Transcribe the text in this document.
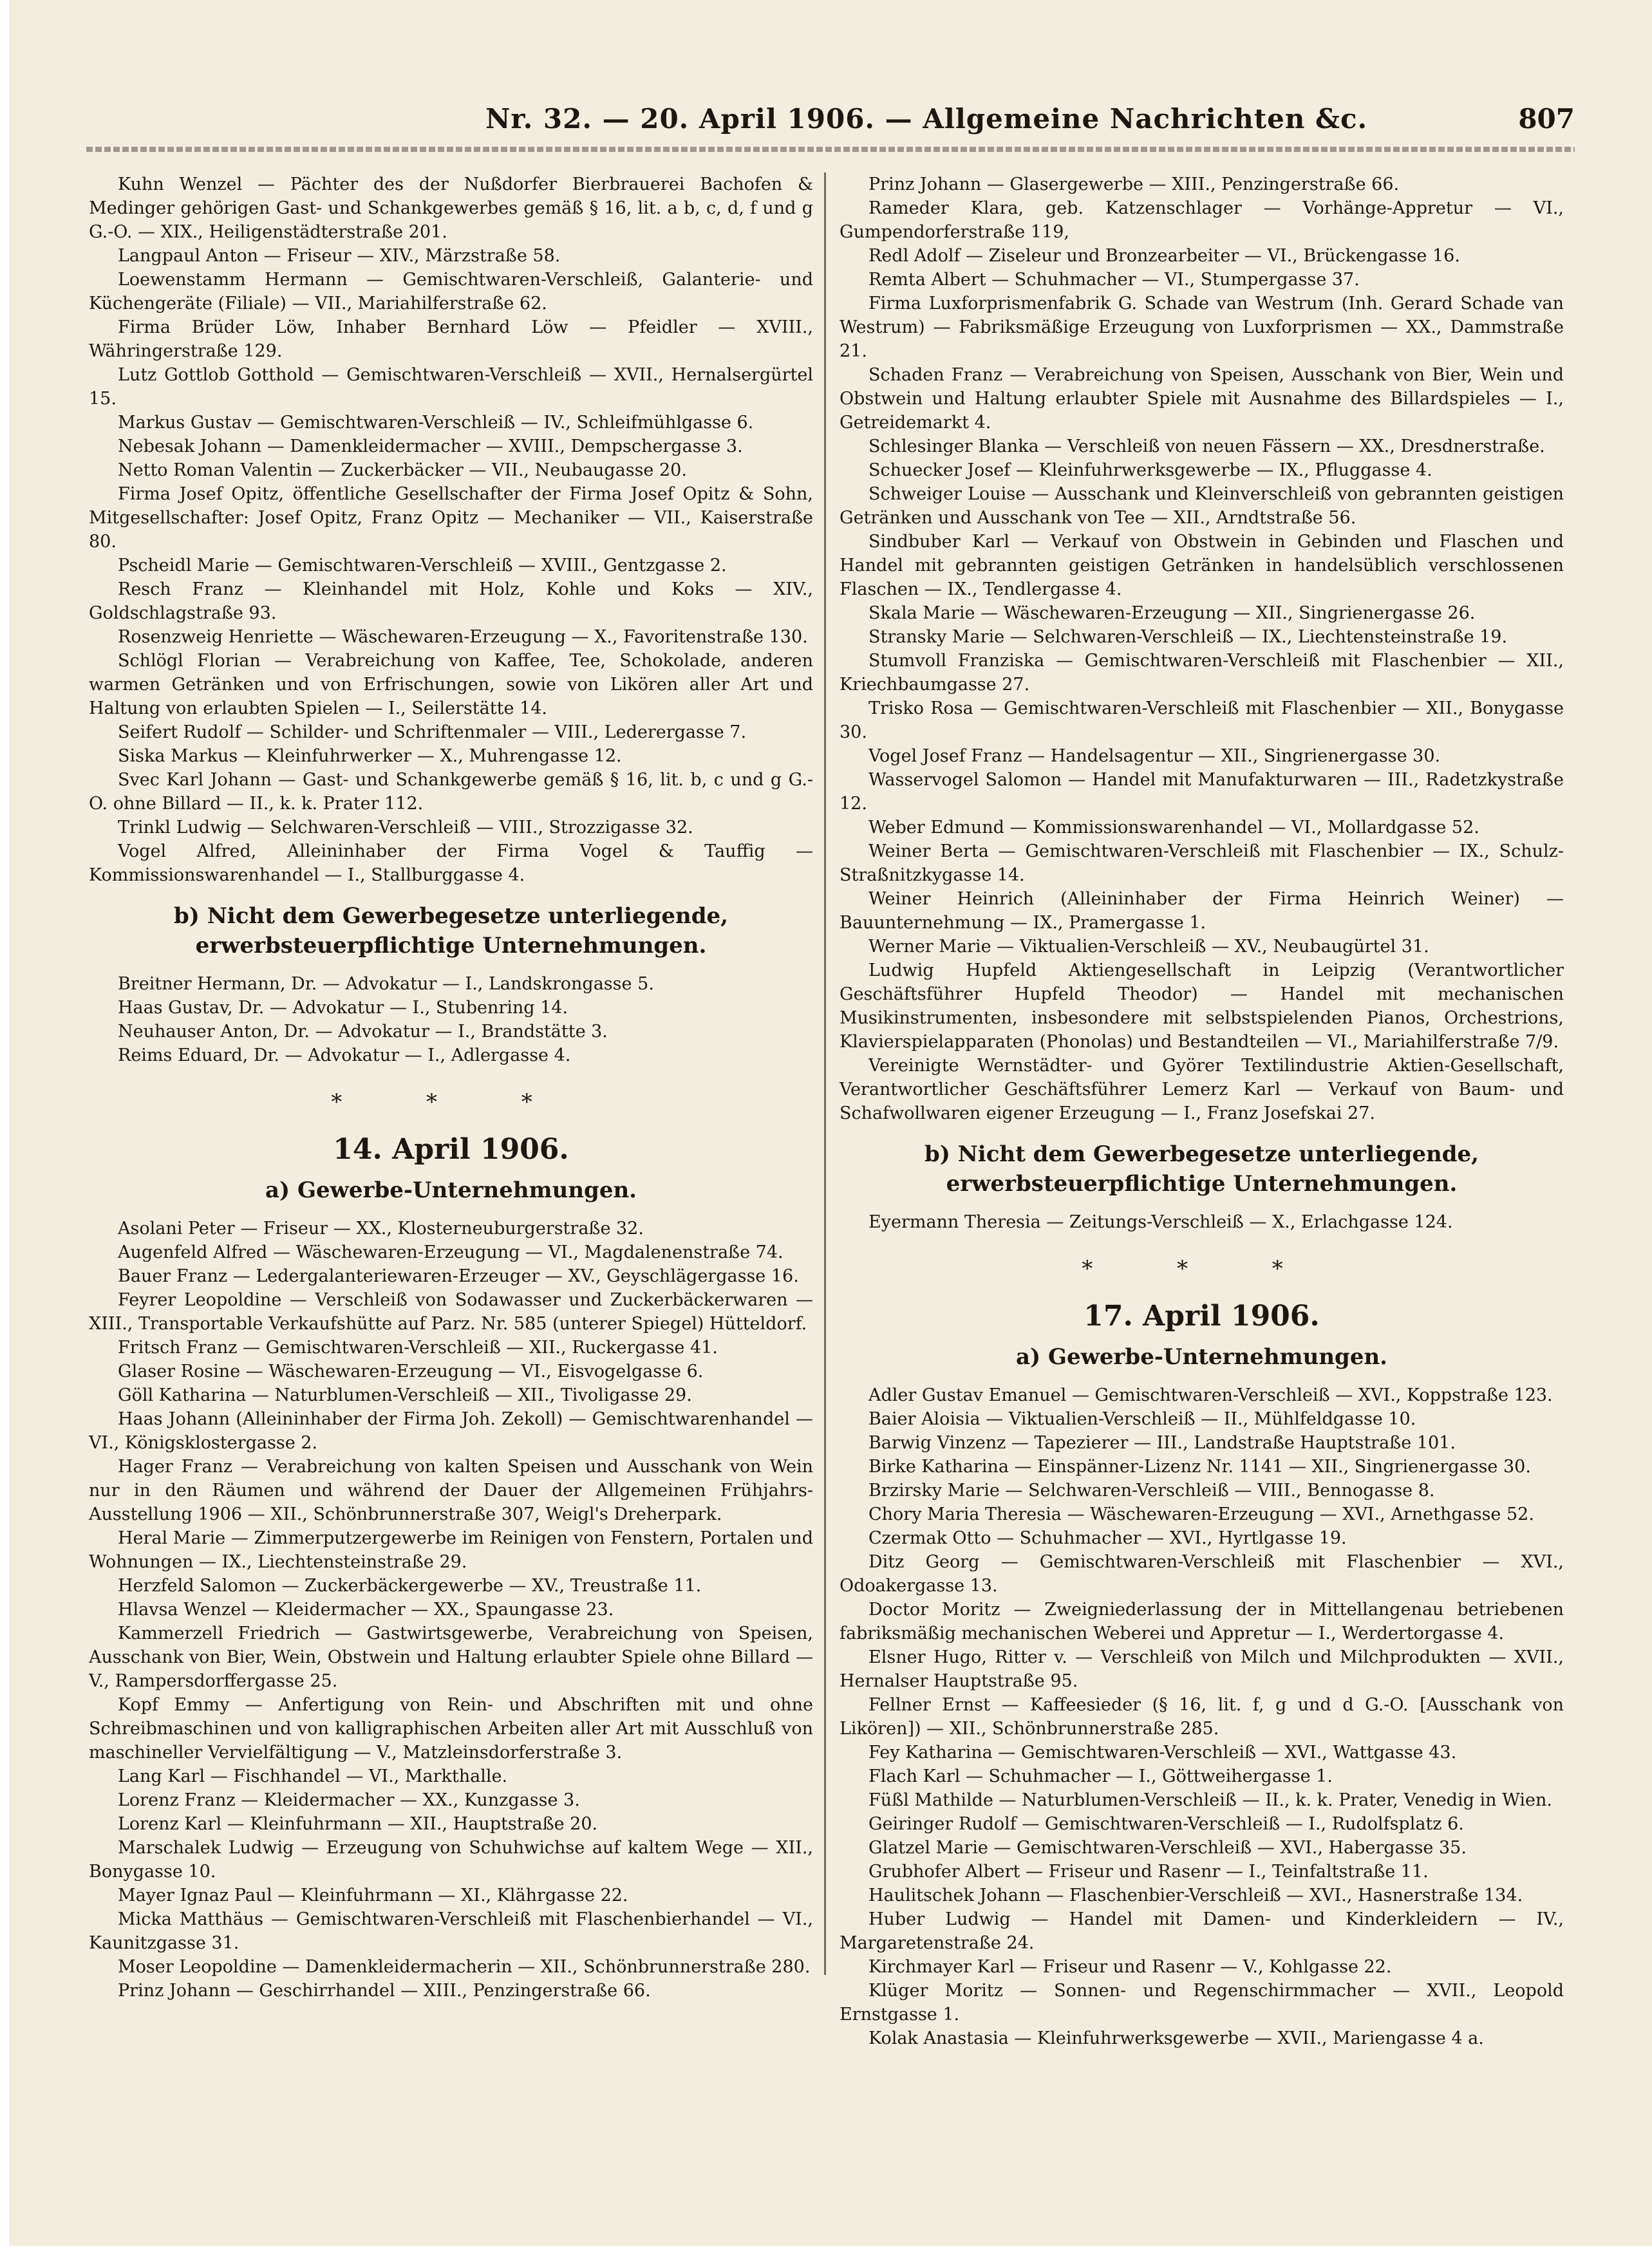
Nr. 32. — 20. April 1906. — Allgemeine Nachrichten &c.	807

Kuhn Wenzel — Pächter des der Nußdorfer Bierbrauerei Bachofen & Medinger gehörigen Gast- und Schankgewerbes gemäß § 16, lit. a b, c, d, f und g G.-O. — XIX., Heiligenstädterstraße 201.

Langpaul Anton — Friseur — XIV., Märzstraße 58.

Loewenstamm Hermann — Gemischtwaren-Verschleiß, Galanterie- und Küchengeräte (Filiale) — VII., Mariahilferstraße 62.

Firma Brüder Löw, Inhaber Bernhard Löw — Pfeidler — XVIII., Währingerstraße 129.

Lutz Gottlob Gotthold — Gemischtwaren-Verschleiß — XVII., Hernalsergürtel 15.

Markus Gustav — Gemischtwaren-Verschleiß — IV., Schleifmühlgasse 6.

Nebesak Johann — Damenkleidermacher — XVIII., Dempschergasse 3.

Netto Roman Valentin — Zuckerbäcker — VII., Neubaugasse 20.

Firma Josef Opitz, öffentliche Gesellschafter der Firma Josef Opitz & Sohn, Mitgesellschafter: Josef Opitz, Franz Opitz — Mechaniker — VII., Kaiserstraße 80.

Pscheidl Marie — Gemischtwaren-Verschleiß — XVIII., Gentzgasse 2.

Resch Franz — Kleinhandel mit Holz, Kohle und Koks — XIV., Goldschlagstraße 93.

Rosenzweig Henriette — Wäschewaren-Erzeugung — X., Favoritenstraße 130.

Schlögl Florian — Verabreichung von Kaffee, Tee, Schokolade, anderen warmen Getränken und von Erfrischungen, sowie von Likören aller Art und Haltung von erlaubten Spielen — I., Seilerstätte 14.

Seifert Rudolf — Schilder- und Schriftenmaler — VIII., Lederergasse 7.

Siska Markus — Kleinfuhrwerker — X., Muhrengasse 12.

Svec Karl Johann — Gast- und Schankgewerbe gemäß § 16, lit. b, c und g G.-O. ohne Billard — II., k. k. Prater 112.

Trinkl Ludwig — Selchwaren-Verschleiß — VIII., Strozzigasse 32.

Vogel Alfred, Alleininhaber der Firma Vogel & Tauffig — Kommissionswarenhandel — I., Stallburggasse 4.

b) Nicht dem Gewerbegesetze unterliegende, erwerbsteuerpflichtige Unternehmungen.

Breitner Hermann, Dr. — Advokatur — I., Landskrongasse 5.

Haas Gustav, Dr. — Advokatur — I., Stubenring 14.

Neuhauser Anton, Dr. — Advokatur — I., Brandstätte 3.

Reims Eduard, Dr. — Advokatur — I., Adlergasse 4.

* * *
14. April 1906.
a) Gewerbe-Unternehmungen.

Asolani Peter — Friseur — XX., Klosterneuburgerstraße 32.

Augenfeld Alfred — Wäschewaren-Erzeugung — VI., Magdalenenstraße 74.

Bauer Franz — Ledergalanteriewaren-Erzeuger — XV., Geyschlägergasse 16.

Feyrer Leopoldine — Verschleiß von Sodawasser und Zuckerbäckerwaren — XIII., Transportable Verkaufshütte auf Parz. Nr. 585 (unterer Spiegel) Hütteldorf.

Fritsch Franz — Gemischtwaren-Verschleiß — XII., Ruckergasse 41.

Glaser Rosine — Wäschewaren-Erzeugung — VI., Eisvogelgasse 6.

Göll Katharina — Naturblumen-Verschleiß — XII., Tivoligasse 29.

Haas Johann (Alleininhaber der Firma Joh. Zekoll) — Gemischtwarenhandel — VI., Königsklostergasse 2.

Hager Franz — Verabreichung von kalten Speisen und Ausschank von Wein nur in den Räumen und während der Dauer der Allgemeinen Frühjahrs-Ausstellung 1906 — XII., Schönbrunnerstraße 307, Weigl's Dreherpark.

Heral Marie — Zimmerputzergewerbe im Reinigen von Fenstern, Portalen und Wohnungen — IX., Liechtensteinstraße 29.

Herzfeld Salomon — Zuckerbäckergewerbe — XV., Treustraße 11.

Hlavsa Wenzel — Kleidermacher — XX., Spaungasse 23.

Kammerzell Friedrich — Gastwirtsgewerbe, Verabreichung von Speisen, Ausschank von Bier, Wein, Obstwein und Haltung erlaubter Spiele ohne Billard — V., Rampersdorffergasse 25.

Kopf Emmy — Anfertigung von Rein- und Abschriften mit und ohne Schreibmaschinen und von kalligraphischen Arbeiten aller Art mit Ausschluß von maschineller Vervielfältigung — V., Matzleinsdorferstraße 3.

Lang Karl — Fischhandel — VI., Markthalle.

Lorenz Franz — Kleidermacher — XX., Kunzgasse 3.

Lorenz Karl — Kleinfuhrmann — XII., Hauptstraße 20.

Marschalek Ludwig — Erzeugung von Schuhwichse auf kaltem Wege — XII., Bonygasse 10.

Mayer Ignaz Paul — Kleinfuhrmann — XI., Klährgasse 22.

Micka Matthäus — Gemischtwaren-Verschleiß mit Flaschenbierhandel — VI., Kaunitzgasse 31.

Moser Leopoldine — Damenkleidermacherin — XII., Schönbrunnerstraße 280.

Prinz Johann — Geschirrhandel — XIII., Penzingerstraße 66.

Prinz Johann — Glasergewerbe — XIII., Penzingerstraße 66.

Rameder Klara, geb. Katzenschlager — Vorhänge-Appretur — VI., Gumpendorferstraße 119,

Redl Adolf — Ziseleur und Bronzearbeiter — VI., Brückengasse 16.

Remta Albert — Schuhmacher — VI., Stumpergasse 37.

Firma Luxforprismenfabrik G. Schade van Westrum (Inh. Gerard Schade van Westrum) — Fabriksmäßige Erzeugung von Luxforprismen — XX., Dammstraße 21.

Schaden Franz — Verabreichung von Speisen, Ausschank von Bier, Wein und Obstwein und Haltung erlaubter Spiele mit Ausnahme des Billardspieles — I., Getreidemarkt 4.

Schlesinger Blanka — Verschleiß von neuen Fässern — XX., Dresdnerstraße.

Schuecker Josef — Kleinfuhrwerksgewerbe — IX., Pfluggasse 4.

Schweiger Louise — Ausschank und Kleinverschleiß von gebrannten geistigen Getränken und Ausschank von Tee — XII., Arndtstraße 56.

Sindbuber Karl — Verkauf von Obstwein in Gebinden und Flaschen und Handel mit gebrannten geistigen Getränken in handelsüblich verschlossenen Flaschen — IX., Tendlergasse 4.

Skala Marie — Wäschewaren-Erzeugung — XII., Singrienergasse 26.

Stransky Marie — Selchwaren-Verschleiß — IX., Liechtensteinstraße 19.

Stumvoll Franziska — Gemischtwaren-Verschleiß mit Flaschenbier — XII., Kriechbaumgasse 27.

Trisko Rosa — Gemischtwaren-Verschleiß mit Flaschenbier — XII., Bonygasse 30.

Vogel Josef Franz — Handelsagentur — XII., Singrienergasse 30.

Wasservogel Salomon — Handel mit Manufakturwaren — III., Radetzkystraße 12.

Weber Edmund — Kommissionswarenhandel — VI., Mollardgasse 52.

Weiner Berta — Gemischtwaren-Verschleiß mit Flaschenbier — IX., Schulz-Straßnitzkygasse 14.

Weiner Heinrich (Alleininhaber der Firma Heinrich Weiner) — Bauunternehmung — IX., Pramergasse 1.

Werner Marie — Viktualien-Verschleiß — XV., Neubaugürtel 31.

Ludwig Hupfeld Aktiengesellschaft in Leipzig (Verantwortlicher Geschäftsführer Hupfeld Theodor) — Handel mit mechanischen Musikinstrumenten, insbesondere mit selbstspielenden Pianos, Orchestrions, Klavierspielapparaten (Phonolas) und Bestandteilen — VI., Mariahilferstraße 7/9.

Vereinigte Wernstädter- und Györer Textilindustrie Aktien-Gesellschaft, Verantwortlicher Geschäftsführer Lemerz Karl — Verkauf von Baum- und Schafwollwaren eigener Erzeugung — I., Franz Josefskai 27.

b) Nicht dem Gewerbegesetze unterliegende, erwerbsteuerpflichtige Unternehmungen.

Eyermann Theresia — Zeitungs-Verschleiß — X., Erlachgasse 124.

* * *
17. April 1906.
a) Gewerbe-Unternehmungen.

Adler Gustav Emanuel — Gemischtwaren-Verschleiß — XVI., Koppstraße 123.

Baier Aloisia — Viktualien-Verschleiß — II., Mühlfeldgasse 10.

Barwig Vinzenz — Tapezierer — III., Landstraße Hauptstraße 101.

Birke Katharina — Einspänner-Lizenz Nr. 1141 — XII., Singrienergasse 30.

Brzirsky Marie — Selchwaren-Verschleiß — VIII., Bennogasse 8.

Chory Maria Theresia — Wäschewaren-Erzeugung — XVI., Arnethgasse 52.

Czermak Otto — Schuhmacher — XVI., Hyrtlgasse 19.

Ditz Georg — Gemischtwaren-Verschleiß mit Flaschenbier — XVI., Odoakergasse 13.

Doctor Moritz — Zweigniederlassung der in Mittellangenau betriebenen fabriksmäßig mechanischen Weberei und Appretur — I., Werdertorgasse 4.

Elsner Hugo, Ritter v. — Verschleiß von Milch und Milchprodukten — XVII., Hernalser Hauptstraße 95.

Fellner Ernst — Kaffeesieder (§ 16, lit. f, g und d G.-O. [Ausschank von Likören]) — XII., Schönbrunnerstraße 285.

Fey Katharina — Gemischtwaren-Verschleiß — XVI., Wattgasse 43.

Flach Karl — Schuhmacher — I., Göttweihergasse 1.

Füßl Mathilde — Naturblumen-Verschleiß — II., k. k. Prater, Venedig in Wien.

Geiringer Rudolf — Gemischtwaren-Verschleiß — I., Rudolfsplatz 6.

Glatzel Marie — Gemischtwaren-Verschleiß — XVI., Habergasse 35.

Grubhofer Albert — Friseur und Rasenr — I., Teinfaltstraße 11.

Haulitschek Johann — Flaschenbier-Verschleiß — XVI., Hasnerstraße 134.

Huber Ludwig — Handel mit Damen- und Kinderkleidern — IV., Margaretenstraße 24.

Kirchmayer Karl — Friseur und Rasenr — V., Kohlgasse 22.

Klüger Moritz — Sonnen- und Regenschirmmacher — XVII., Leopold Ernstgasse 1.

Kolak Anastasia — Kleinfuhrwerksgewerbe — XVII., Mariengasse 4 a.
